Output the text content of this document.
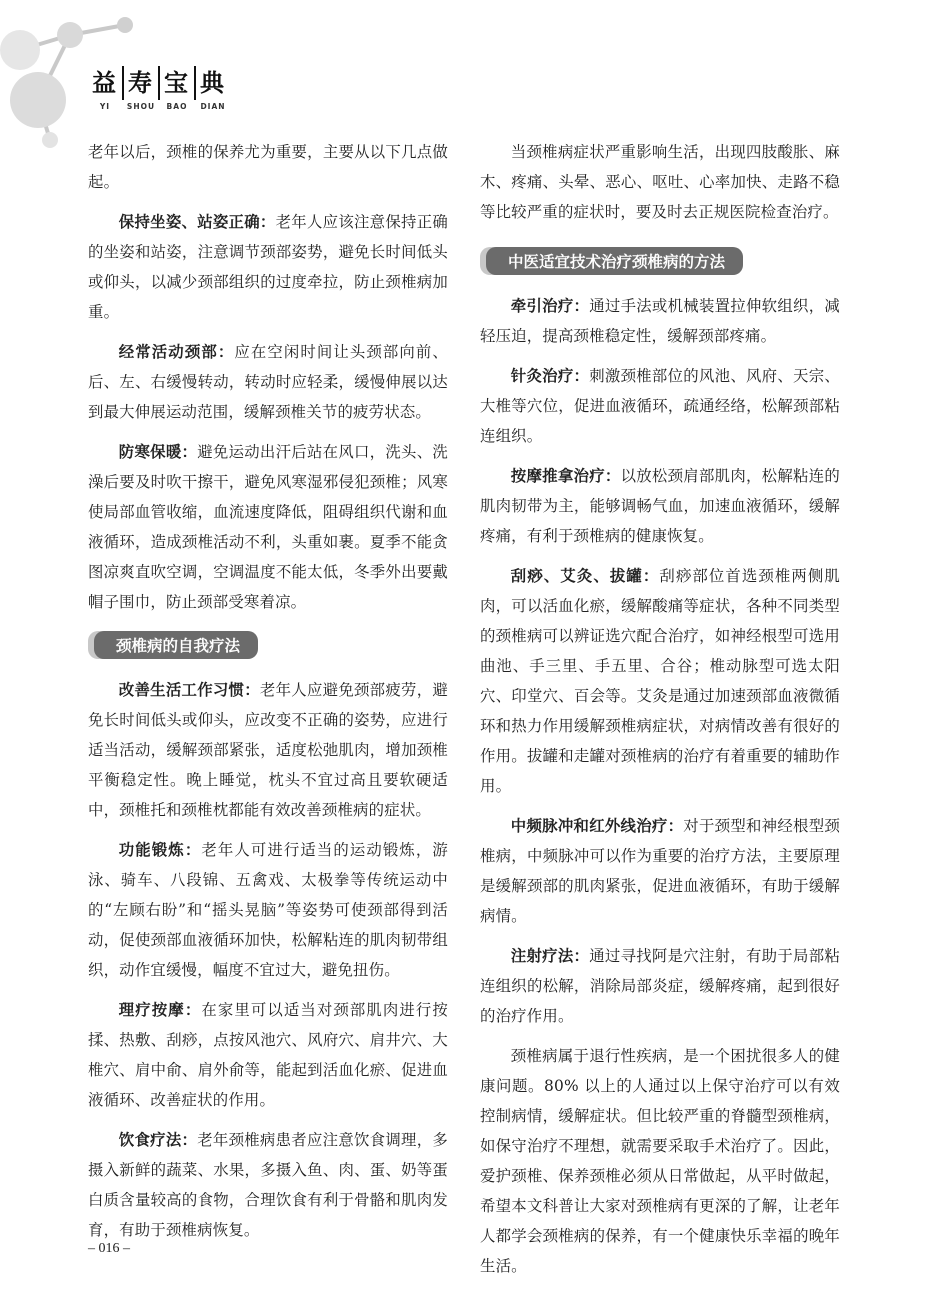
益 寿 宝 典
YI	SHOU	BAO	DIAN

老年以后，颈椎的保养尤为重要，主要从以下几点做起。

保持坐姿、站姿正确：老年人应该注意保持正确的坐姿和站姿，注意调节颈部姿势，避免长时间低头或仰头，以减少颈部组织的过度牵拉，防止颈椎病加重。

经常活动颈部：应在空闲时间让头颈部向前、后、左、右缓慢转动，转动时应轻柔，缓慢伸展以达到最大伸展运动范围，缓解颈椎关节的疲劳状态。

防寒保暖：避免运动出汗后站在风口，洗头、洗澡后要及时吹干擦干，避免风寒湿邪侵犯颈椎；风寒使局部血管收缩，血流速度降低，阻碍组织代谢和血液循环，造成颈椎活动不利，头重如裹。夏季不能贪图凉爽直吹空调，空调温度不能太低，冬季外出要戴帽子围巾，防止颈部受寒着凉。

颈椎病的自我疗法

改善生活工作习惯：老年人应避免颈部疲劳，避免长时间低头或仰头，应改变不正确的姿势，应进行适当活动，缓解颈部紧张，适度松弛肌肉，增加颈椎平衡稳定性。晚上睡觉，枕头不宜过高且要软硬适中，颈椎托和颈椎枕都能有效改善颈椎病的症状。

功能锻炼：老年人可进行适当的运动锻炼，游泳、骑车、八段锦、五禽戏、太极拳等传统运动中的“左顾右盼”和“摇头晃脑”等姿势可使颈部得到活动，促使颈部血液循环加快，松解粘连的肌肉韧带组织，动作宜缓慢，幅度不宜过大，避免扭伤。

理疗按摩：在家里可以适当对颈部肌肉进行按揉、热敷、刮痧，点按风池穴、风府穴、肩井穴、大椎穴、肩中俞、肩外俞等，能起到活血化瘀、促进血液循环、改善症状的作用。

饮食疗法：老年颈椎病患者应注意饮食调理，多摄入新鲜的蔬菜、水果，多摄入鱼、肉、蛋、奶等蛋白质含量较高的食物，合理饮食有利于骨骼和肌肉发育，有助于颈椎病恢复。

当颈椎病症状严重影响生活，出现四肢酸胀、麻木、疼痛、头晕、恶心、呕吐、心率加快、走路不稳等比较严重的症状时，要及时去正规医院检查治疗。

中医适宜技术治疗颈椎病的方法

牵引治疗：通过手法或机械装置拉伸软组织，减轻压迫，提高颈椎稳定性，缓解颈部疼痛。

针灸治疗：刺激颈椎部位的风池、风府、天宗、大椎等穴位，促进血液循环，疏通经络，松解颈部粘连组织。

按摩推拿治疗：以放松颈肩部肌肉，松解粘连的肌肉韧带为主，能够调畅气血，加速血液循环，缓解疼痛，有利于颈椎病的健康恢复。

刮痧、艾灸、拔罐：刮痧部位首选颈椎两侧肌肉，可以活血化瘀，缓解酸痛等症状，各种不同类型的颈椎病可以辨证选穴配合治疗，如神经根型可选用曲池、手三里、手五里、合谷；椎动脉型可选太阳穴、印堂穴、百会等。艾灸是通过加速颈部血液微循环和热力作用缓解颈椎病症状，对病情改善有很好的作用。拔罐和走罐对颈椎病的治疗有着重要的辅助作用。

中频脉冲和红外线治疗：对于颈型和神经根型颈椎病，中频脉冲可以作为重要的治疗方法，主要原理是缓解颈部的肌肉紧张，促进血液循环，有助于缓解病情。

注射疗法：通过寻找阿是穴注射，有助于局部粘连组织的松解，消除局部炎症，缓解疼痛，起到很好的治疗作用。

颈椎病属于退行性疾病，是一个困扰很多人的健康问题。80% 以上的人通过以上保守治疗可以有效控制病情，缓解症状。但比较严重的脊髓型颈椎病，如保守治疗不理想，就需要采取手术治疗了。因此，爱护颈椎、保养颈椎必须从日常做起，从平时做起，希望本文科普让大家对颈椎病有更深的了解，让老年人都学会颈椎病的保养，有一个健康快乐幸福的晚年生活。

– 016 –
